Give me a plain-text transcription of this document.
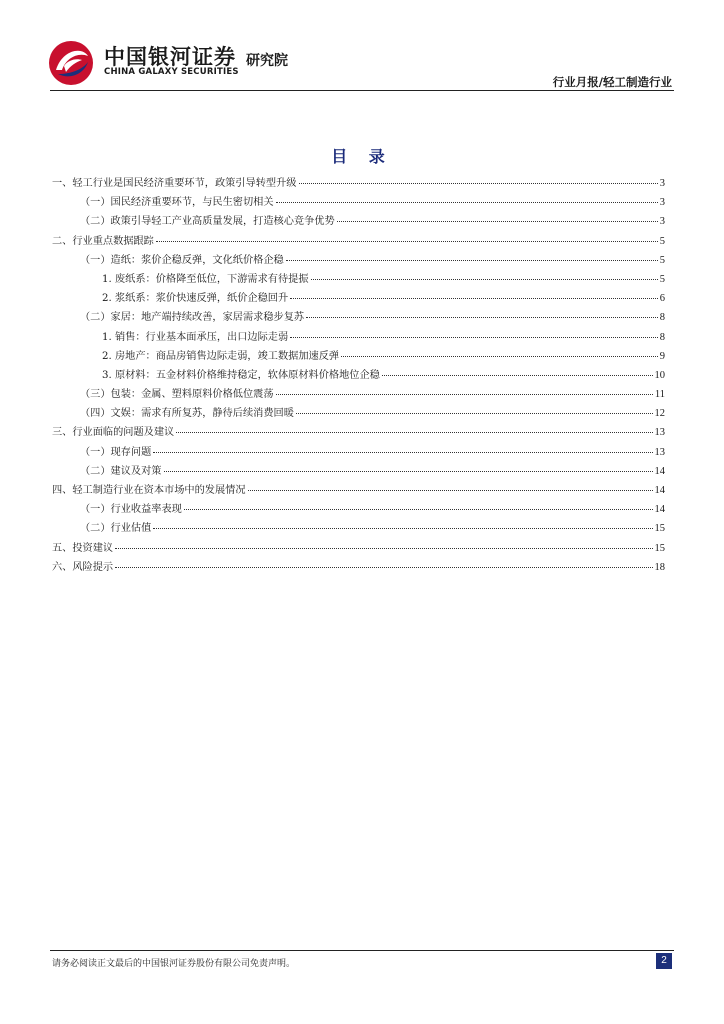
中国银河证券 研究院
CHINA GALAXY SECURITIES
行业月报/轻工制造行业
目 录
一、轻工行业是国民经济重要环节，政策引导转型升级	3
（一）国民经济重要环节，与民生密切相关	3
（二）政策引导轻工产业高质量发展，打造核心竞争优势	3
二、行业重点数据跟踪	5
（一）造纸：浆价企稳反弹，文化纸价格企稳	5
1. 废纸系：价格降至低位，下游需求有待提振	5
2. 浆纸系：浆价快速反弹，纸价企稳回升	6
（二）家居：地产端持续改善，家居需求稳步复苏	8
1. 销售：行业基本面承压，出口边际走弱	8
2. 房地产：商品房销售边际走弱，竣工数据加速反弹	9
3. 原材料：五金材料价格维持稳定，软体原材料价格地位企稳	10
（三）包装：金属、塑料原料价格低位震荡	11
（四）文娱：需求有所复苏，静待后续消费回暖	12
三、行业面临的问题及建议	13
（一）现存问题	13
（二）建议及对策	14
四、轻工制造行业在资本市场中的发展情况	14
（一）行业收益率表现	14
（二）行业估值	15
五、投资建议	15
六、风险提示	18
请务必阅读正文最后的中国银河证券股份有限公司免责声明。	2
